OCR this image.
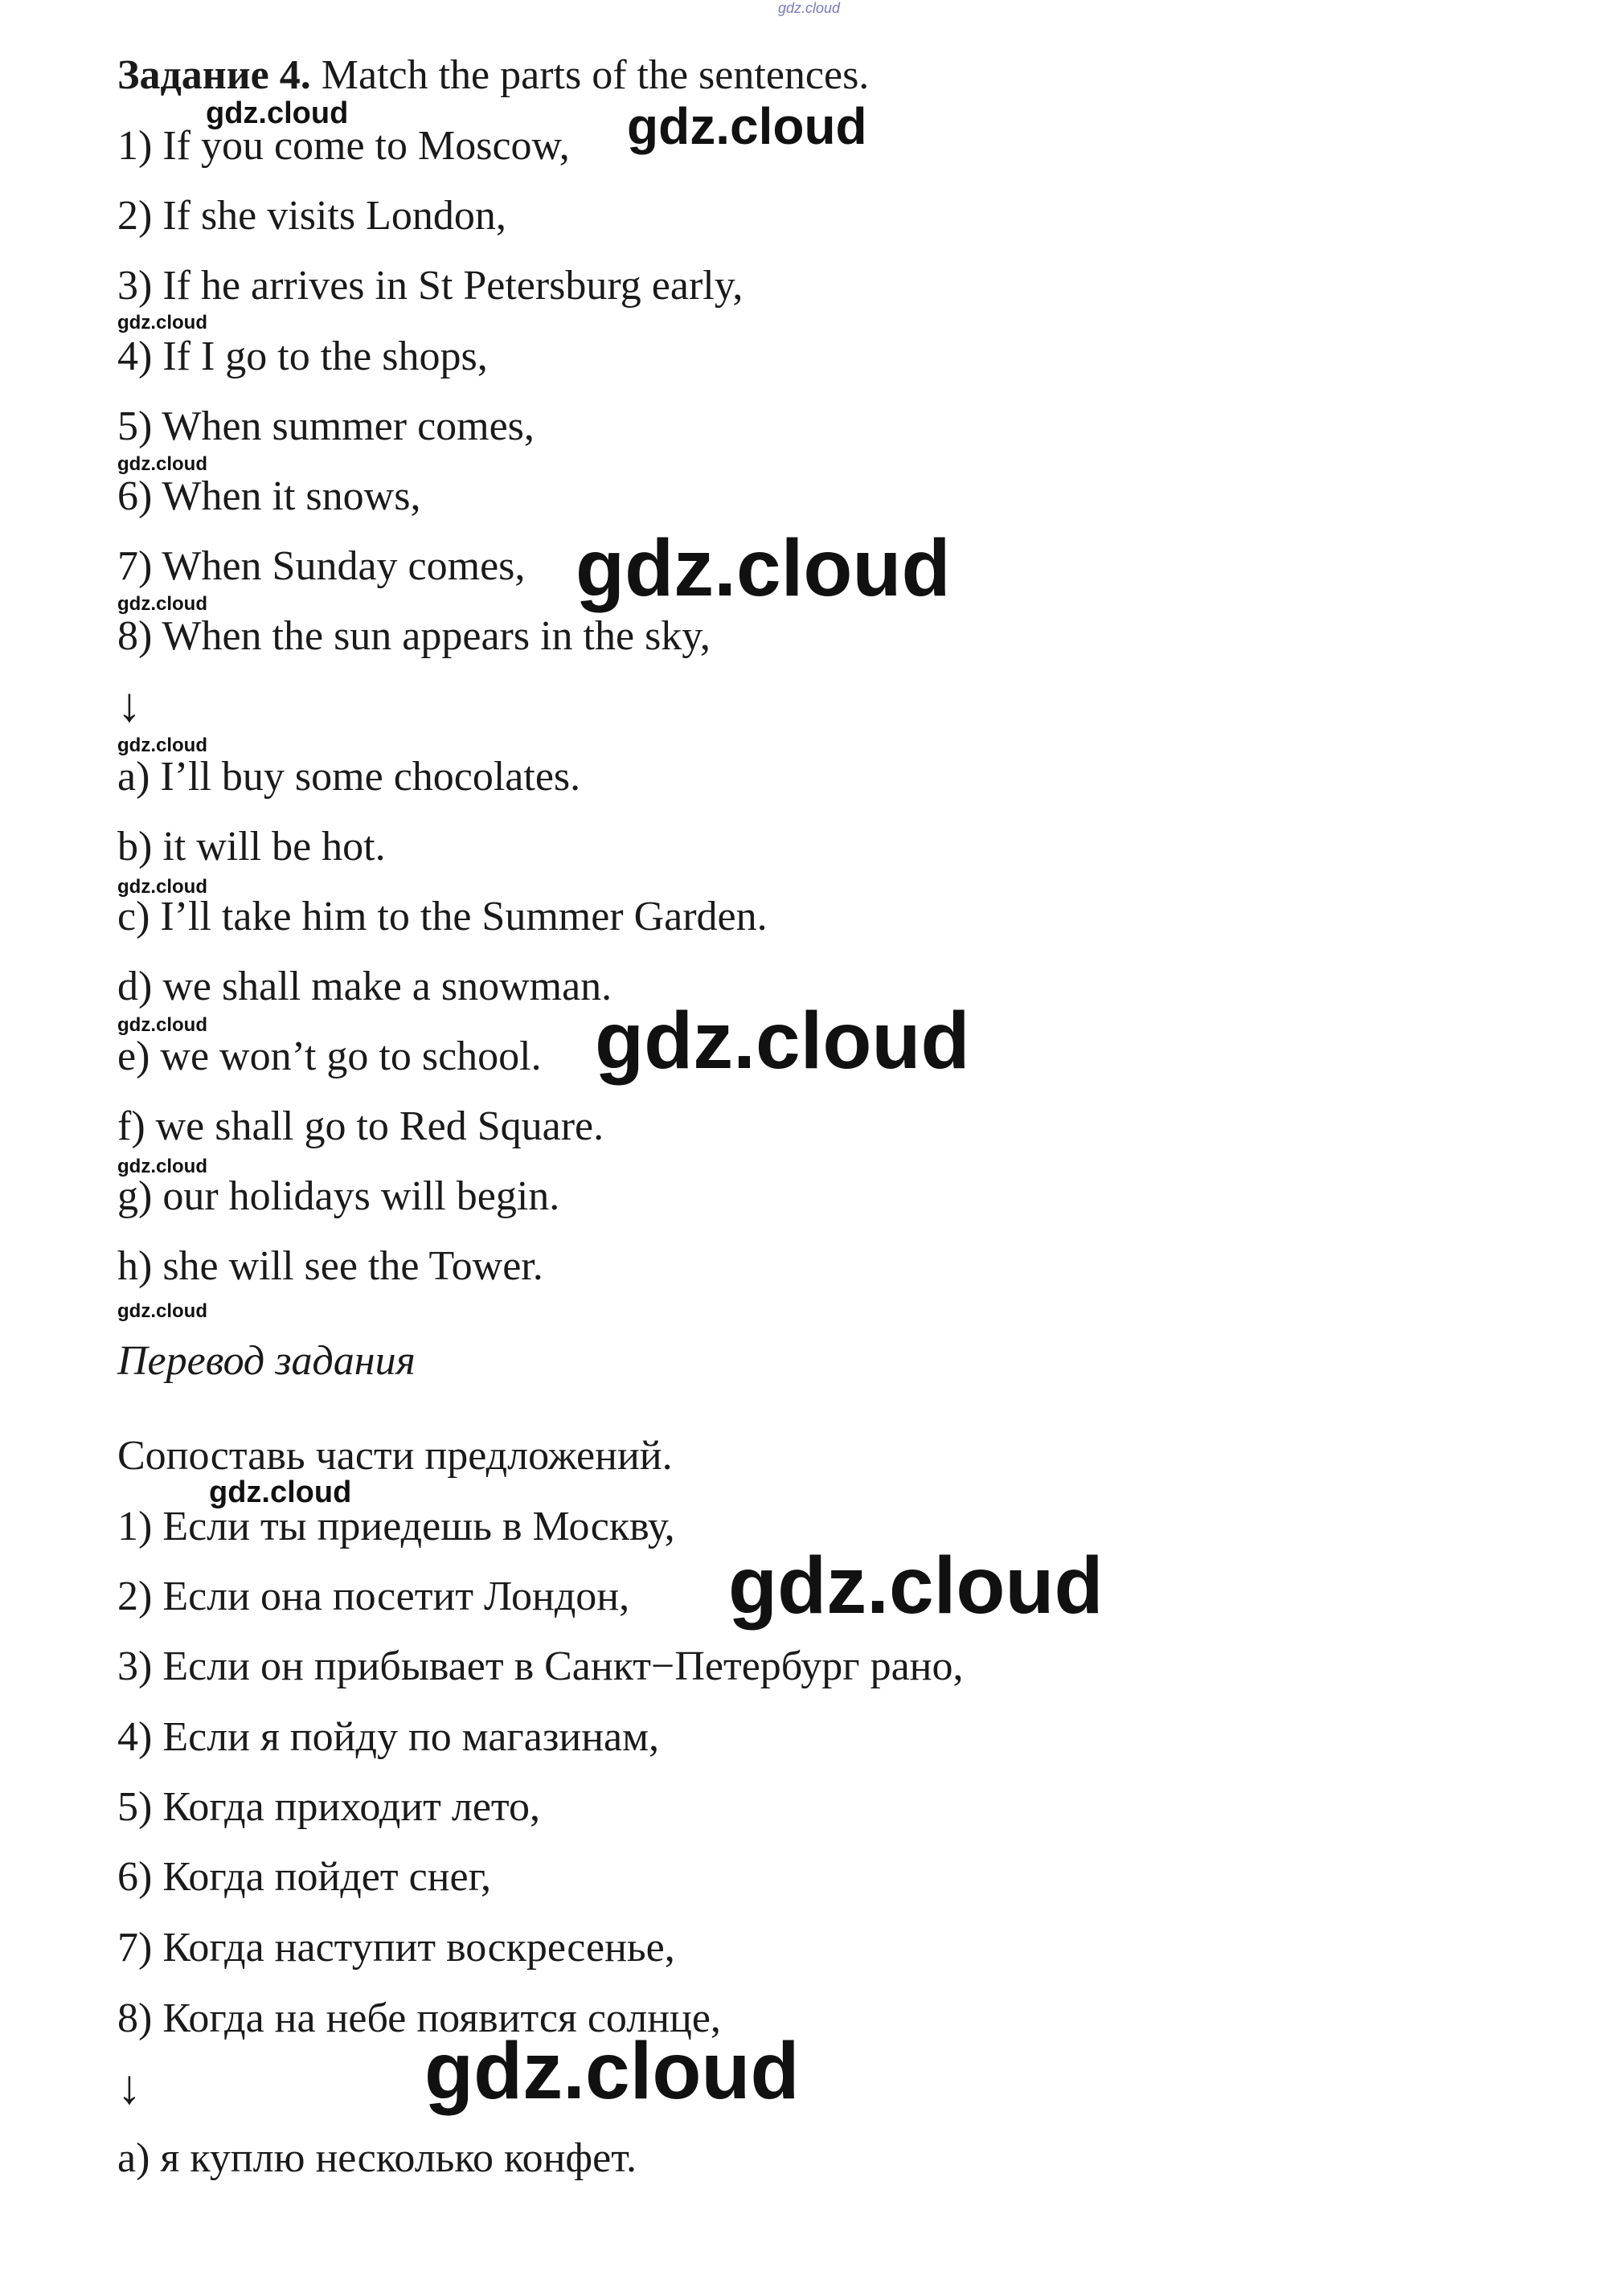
gdz.cloud
Задание 4. Match the parts of the sentences.
1) If you come to Moscow,
2) If she visits London,
3) If he arrives in St Petersburg early,
4) If I go to the shops,
5) When summer comes,
6) When it snows,
7) When Sunday comes,
8) When the sun appears in the sky,
↓
a) I’ll buy some chocolates.
b) it will be hot.
c) I’ll take him to the Summer Garden.
d) we shall make a snowman.
e) we won’t go to school.
f) we shall go to Red Square.
g) our holidays will begin.
h) she will see the Tower.
Перевод задания
Сопоставь части предложений.
1) Если ты приедешь в Москву,
2) Если она посетит Лондон,
3) Если он прибывает в Санкт−Петербург рано,
4) Если я пойду по магазинам,
5) Когда приходит лето,
6) Когда пойдет снег,
7) Когда наступит воскресенье,
8) Когда на небе появится солнце,
↓
а) я куплю несколько конфет.
gdz.cloud	gdz.cloud
gdz.cloud
gdz.cloud
gdz.cloud
gdz.cloud
gdz.cloud
gdz.cloud
gdz.cloud	gdz.cloud
gdz.cloud
gdz.cloud
gdz.cloud
gdz.cloud
gdz.cloud
